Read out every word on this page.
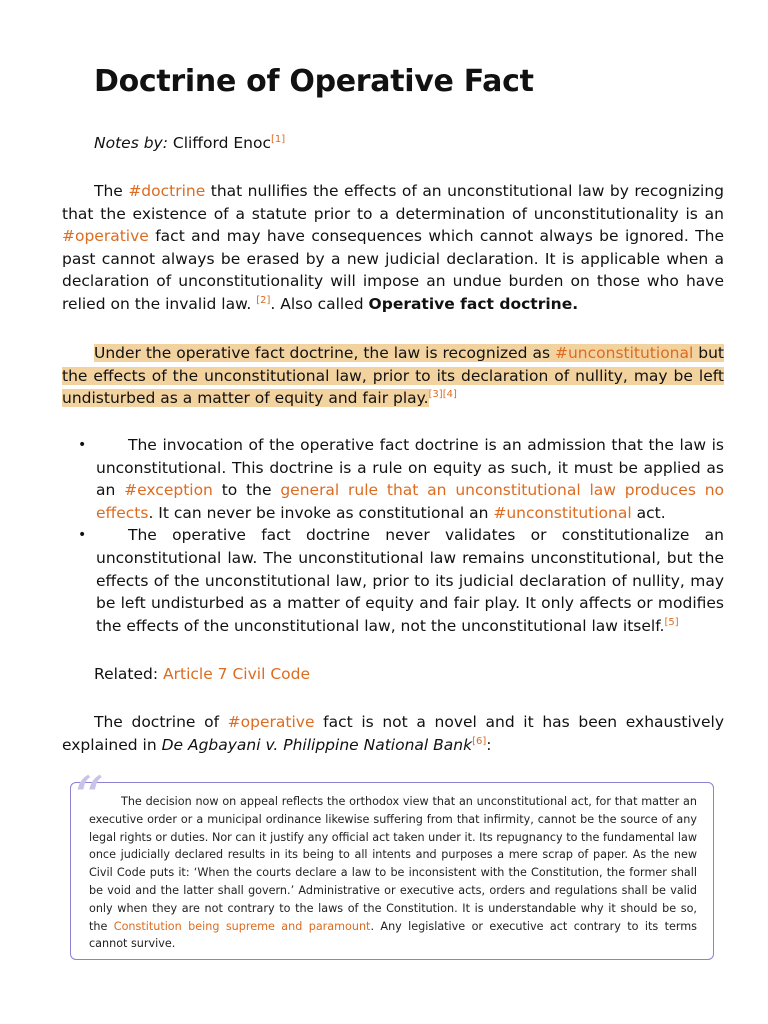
Doctrine of Operative Fact

Notes by: Clifford Enoc[1]

The #doctrine that nullifies the effects of an unconstitutional law by recognizing that the existence of a statute prior to a determination of unconstitutionality is an #operative fact and may have consequences which cannot always be ignored. The past cannot always be erased by a new judicial declaration. It is applicable when a declaration of unconstitutionality will impose an undue burden on those who have relied on the invalid law. [2]. Also called Operative fact doctrine.

Under the operative fact doctrine, the law is recognized as #unconstitutional but the effects of the unconstitutional law, prior to its declaration of nullity, may be left undisturbed as a matter of equity and fair play.[3][4]

• The invocation of the operative fact doctrine is an admission that the law is unconstitutional. This doctrine is a rule on equity as such, it must be applied as an #exception to the general rule that an unconstitutional law produces no effects. It can never be invoke as constitutional an #unconstitutional act.
• The operative fact doctrine never validates or constitutionalize an unconstitutional law. The unconstitutional law remains unconstitutional, but the effects of the unconstitutional law, prior to its judicial declaration of nullity, may be left undisturbed as a matter of equity and fair play. It only affects or modifies the effects of the unconstitutional law, not the unconstitutional law itself.[5]

Related: Article 7 Civil Code

The doctrine of #operative fact is not a novel and it has been exhaustively explained in De Agbayani v. Philippine National Bank[6]:

“	The decision now on appeal reflects the orthodox view that an unconstitutional act, for that matter an executive order or a municipal ordinance likewise suffering from that infirmity, cannot be the source of any legal rights or duties. Nor can it justify any official act taken under it. Its repugnancy to the fundamental law once judicially declared results in its being to all intents and purposes a mere scrap of paper. As the new Civil Code puts it: ‘When the courts declare a law to be inconsistent with the Constitution, the former shall be void and the latter shall govern.’ Administrative or executive acts, orders and regulations shall be valid only when they are not contrary to the laws of the Constitution. It is understandable why it should be so, the Constitution being supreme and paramount. Any legislative or executive act contrary to its terms cannot survive.
